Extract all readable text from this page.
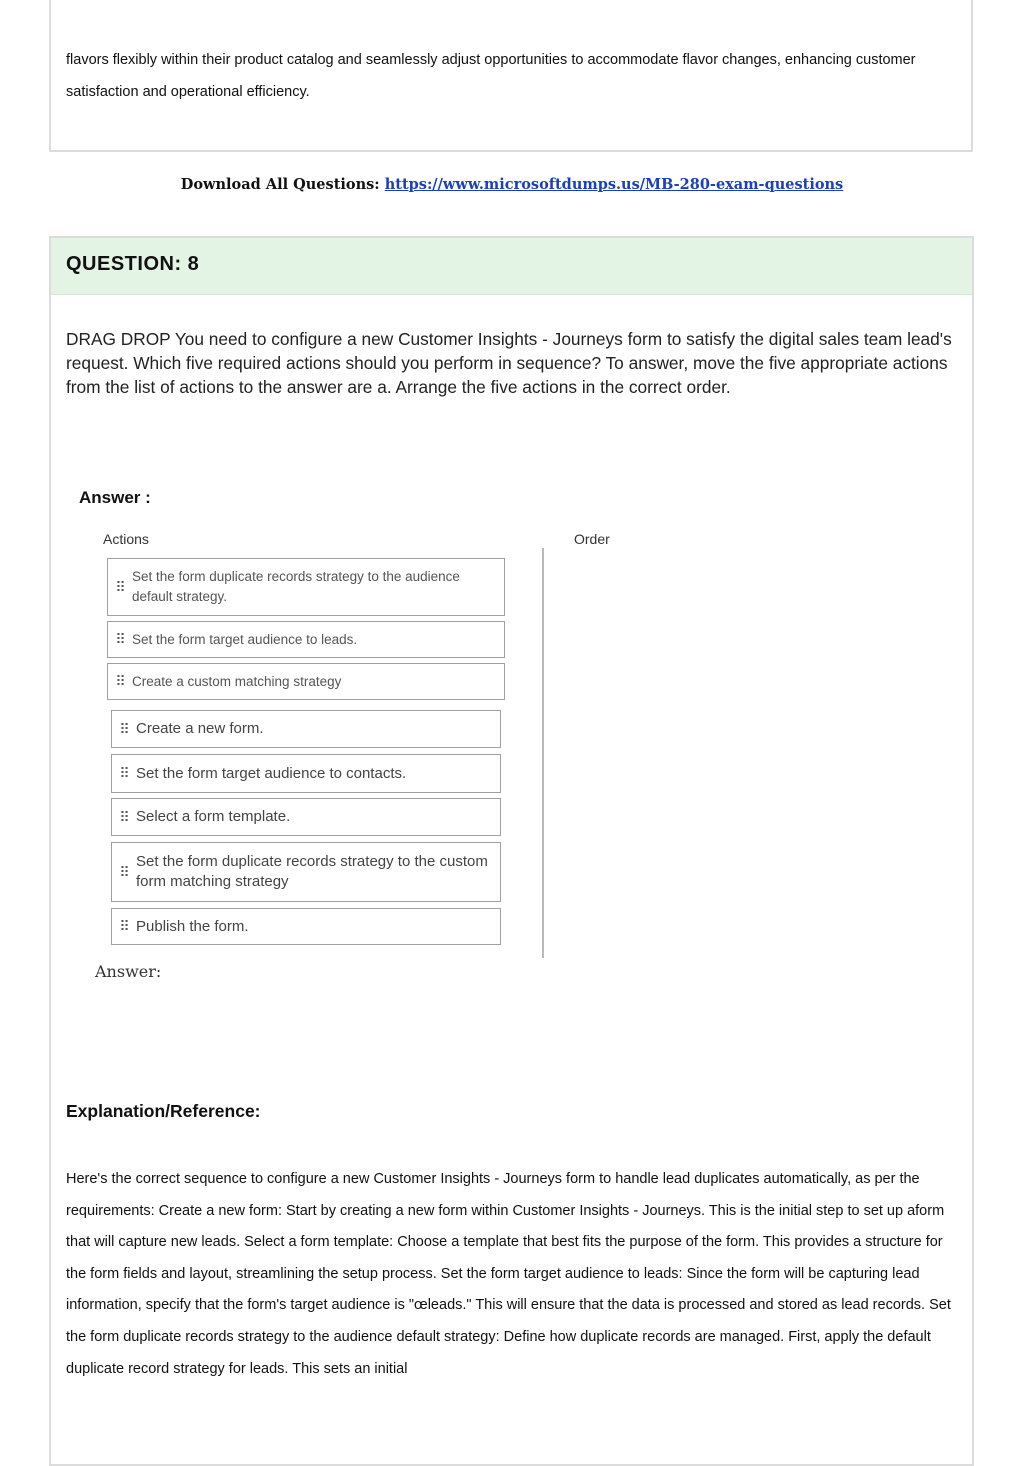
flavors flexibly within their product catalog and seamlessly adjust opportunities to accommodate flavor changes, enhancing customer satisfaction and operational efficiency.

Download All Questions: https://www.microsoftdumps.us/MB-280-exam-questions
QUESTION: 8

DRAG DROP You need to configure a new Customer Insights - Journeys form to satisfy the digital sales team lead's request. Which five required actions should you perform in sequence? To answer, move the five appropriate actions from the list of actions to the answer are a. Arrange the five actions in the correct order.

Answer :
Actions	Order
⠿
Set the form duplicate records strategy to the audience default strategy.
⠿ Set the form target audience to leads.
⠿ Create a custom matching strategy
⠿ Create a new form.
⠿ Set the form target audience to contacts.
⠿ Select a form template.
⠿
Set the form duplicate records strategy to the custom form matching strategy
⠿ Publish the form.
Answer:
Explanation/Reference:

Here's the correct sequence to configure a new Customer Insights - Journeys form to handle lead duplicates automatically, as per the requirements: Create a new form: Start by creating a new form within Customer Insights - Journeys. This is the initial step to set up aform that will capture new leads. Select a form template: Choose a template that best fits the purpose of the form. This provides a structure for the form fields and layout, streamlining the setup process. Set the form target audience to leads: Since the form will be capturing lead information, specify that the form's target audience is "œleads." This will ensure that the data is processed and stored as lead records. Set the form duplicate records strategy to the audience default strategy: Define how duplicate records are managed. First, apply the default duplicate record strategy for leads. This sets an initial
